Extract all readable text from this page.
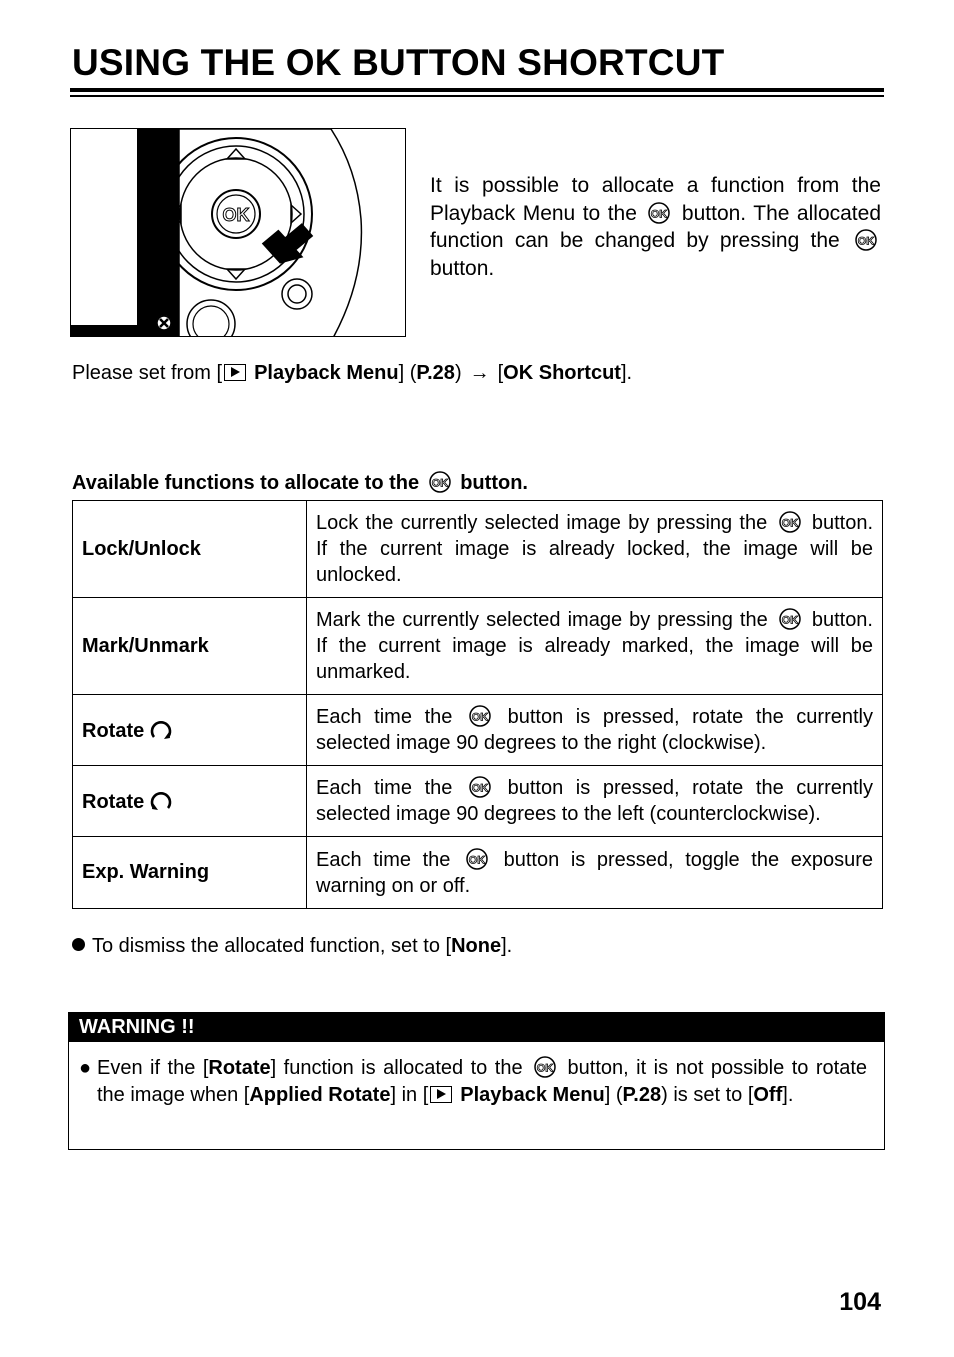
USING THE OK BUTTON SHORTCUT
OK

It is possible to allocate a function from the Playback Menu to the OK button. The allocated function can be changed by pressing the OK
button.

Please set from [ Playback Menu] (P.28) → [OK Shortcut].
Available functions to allocate to the OK button.
Lock/Unlock	Lock the currently selected image by pressing the OK button. If the current image is already locked, the image will be unlocked.
Mark/Unmark	Mark the currently selected image by pressing the OK button. If the current image is already marked, the image will be unmarked.
Rotate	Each time the OK button is pressed, rotate the currently selected image 90 degrees to the right (clockwise).
Rotate	Each time the OK button is pressed, rotate the currently selected image 90 degrees to the left (counterclockwise).
Exp. Warning	Each time the OK button is pressed, toggle the exposure warning on or off.
To dismiss the allocated function, set to [None].
WARNING !!
● Even if the [Rotate] function is allocated to the OK button, it is not possible to rotate the image when [Applied Rotate] in [ Playback Menu] (P.28) is set to [Off].

104
